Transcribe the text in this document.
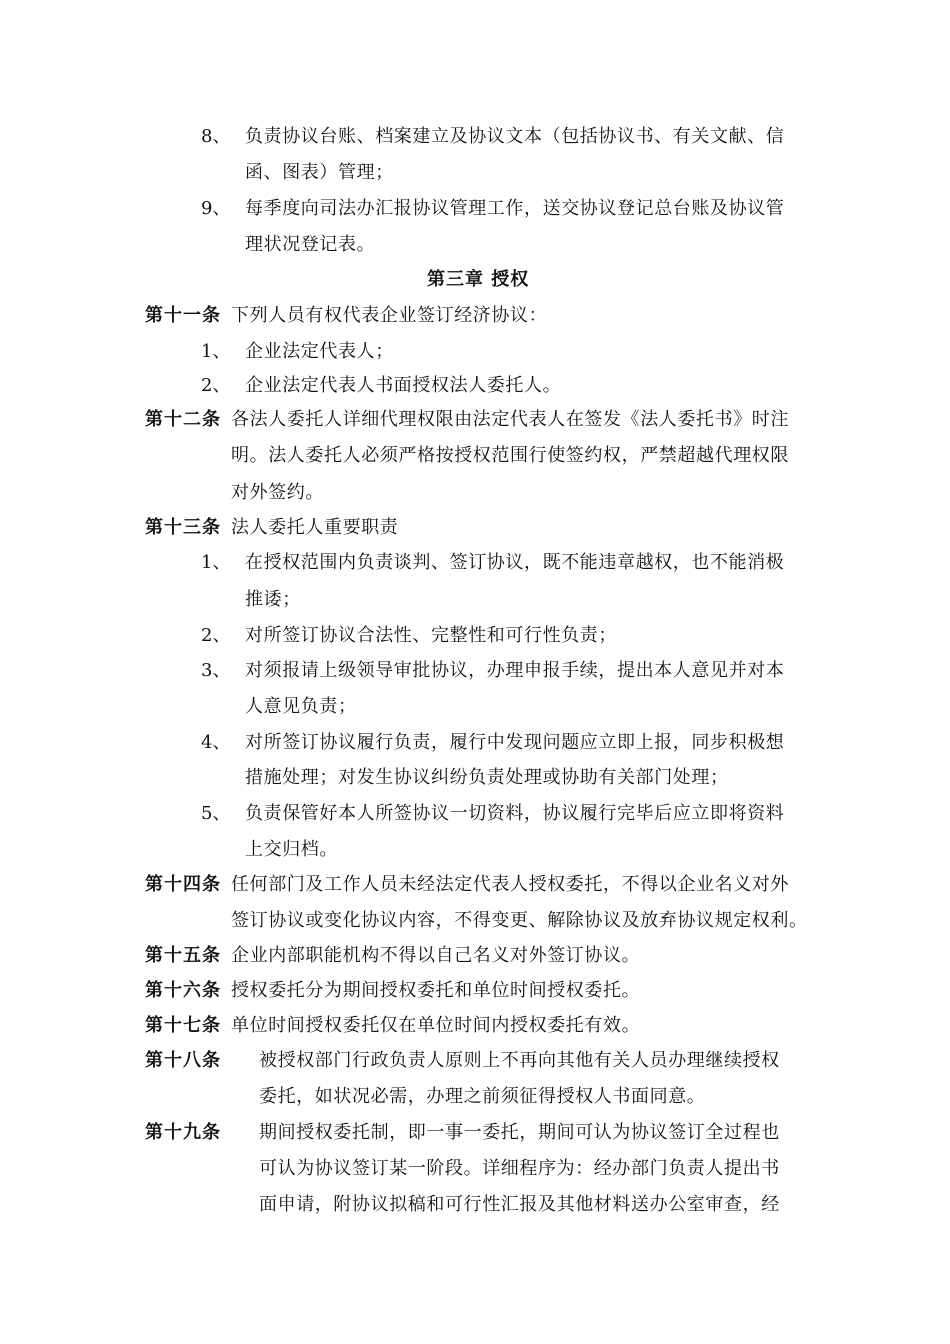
8、 负责协议台账、档案建立及协议文本（包括协议书、有关文献、信
函、图表）管理；
9、 每季度向司法办汇报协议管理工作，送交协议登记总台账及协议管
理状况登记表。
第三章 授权
第十一条 下列人员有权代表企业签订经济协议：
1、 企业法定代表人；
2、 企业法定代表人书面授权法人委托人。
第十二条 各法人委托人详细代理权限由法定代表人在签发《法人委托书》时注
明。法人委托人必须严格按授权范围行使签约权，严禁超越代理权限
对外签约。
第十三条 法人委托人重要职责
1、 在授权范围内负责谈判、签订协议，既不能违章越权，也不能消极
推诿；
2、 对所签订协议合法性、完整性和可行性负责；
3、 对须报请上级领导审批协议，办理申报手续，提出本人意见并对本
人意见负责；
4、 对所签订协议履行负责，履行中发现问题应立即上报，同步积极想
措施处理；对发生协议纠纷负责处理或协助有关部门处理；
5、 负责保管好本人所签协议一切资料，协议履行完毕后应立即将资料
上交归档。
第十四条 任何部门及工作人员未经法定代表人授权委托，不得以企业名义对外
签订协议或变化协议内容，不得变更、解除协议及放弃协议规定权利。
第十五条 企业内部职能机构不得以自己名义对外签订协议。
第十六条 授权委托分为期间授权委托和单位时间授权委托。
第十七条 单位时间授权委托仅在单位时间内授权委托有效。
第十八条 被授权部门行政负责人原则上不再向其他有关人员办理继续授权
委托，如状况必需，办理之前须征得授权人书面同意。
第十九条 期间授权委托制，即一事一委托，期间可认为协议签订全过程也
可认为协议签订某一阶段。详细程序为：经办部门负责人提出书
面申请，附协议拟稿和可行性汇报及其他材料送办公室审查，经
